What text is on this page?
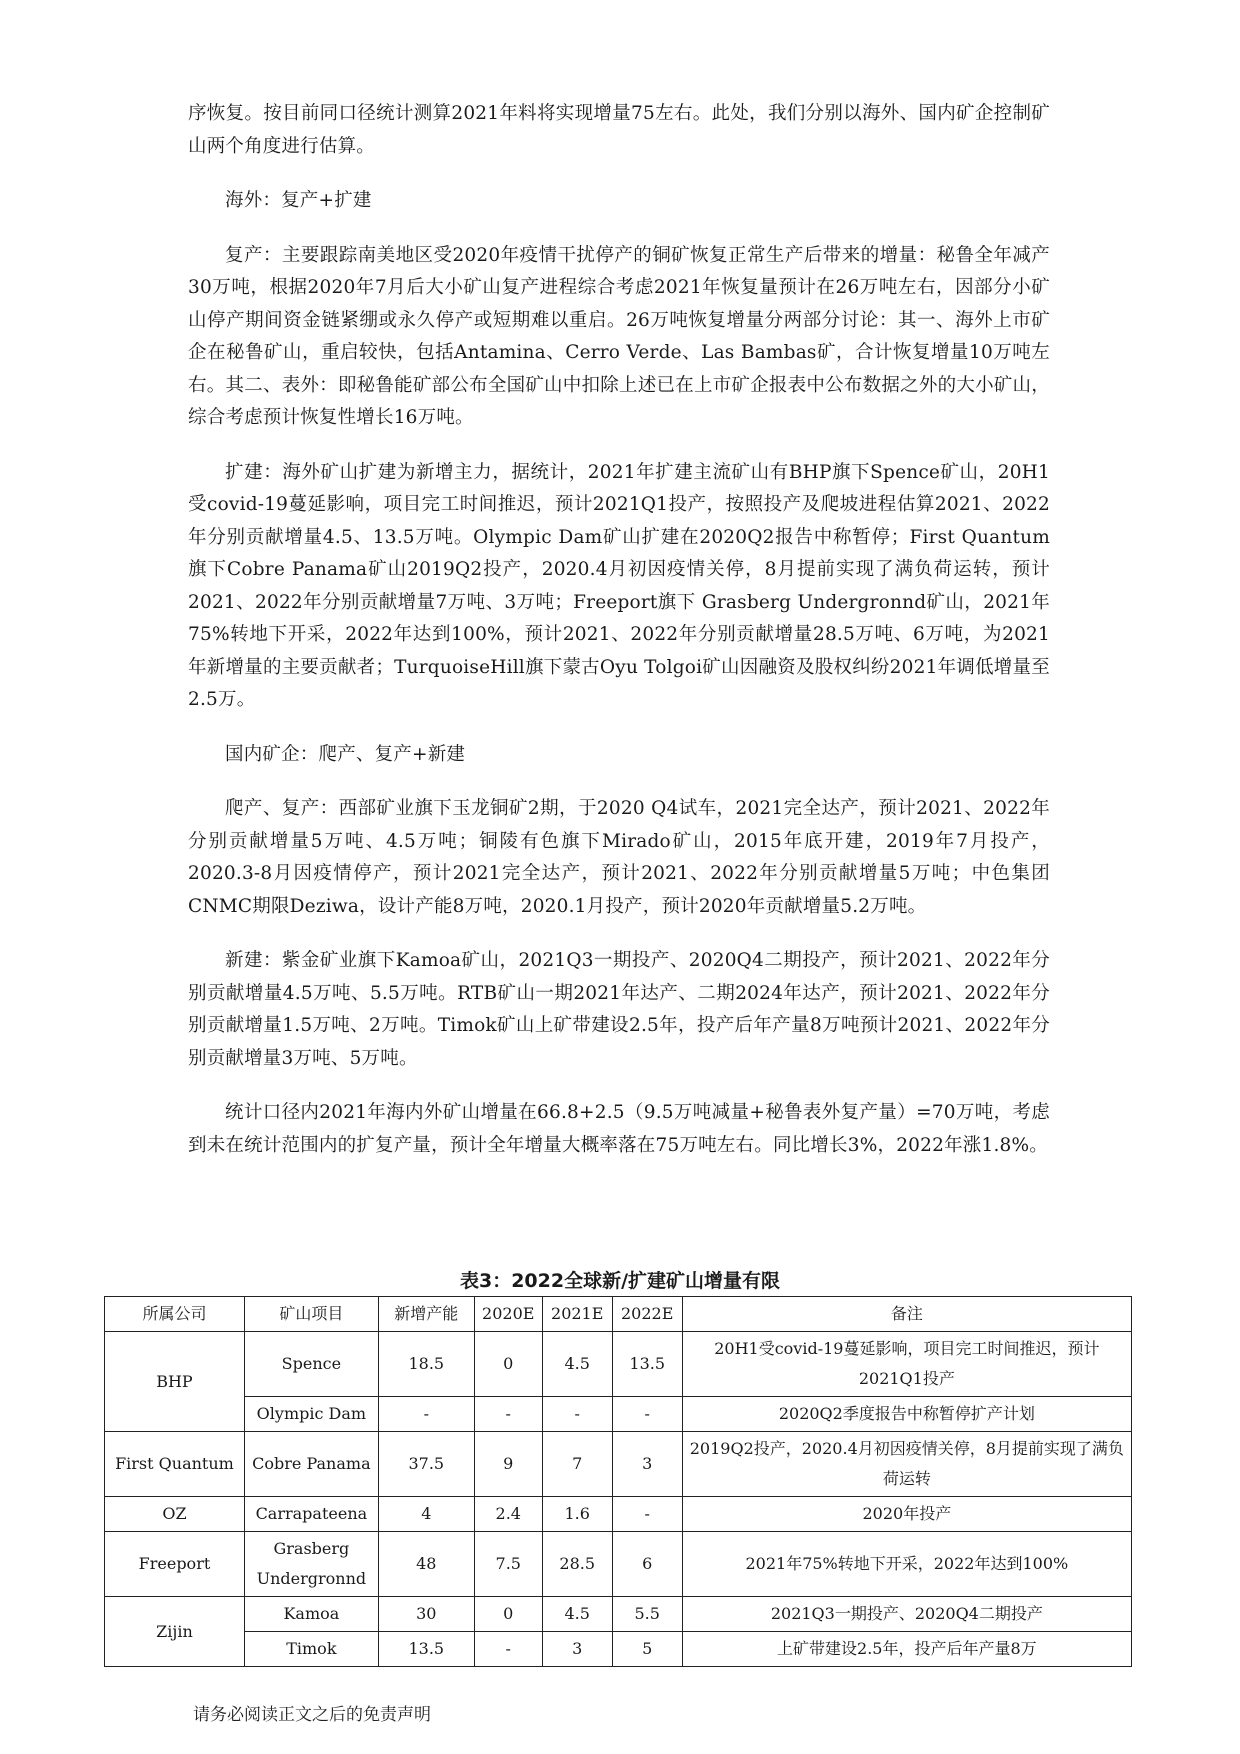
序恢复。按目前同口径统计测算2021年料将实现增量75左右。此处，我们分别以海外、国内矿企控制矿山两个角度进行估算。

海外：复产+扩建

复产：主要跟踪南美地区受2020年疫情干扰停产的铜矿恢复正常生产后带来的增量：秘鲁全年减产30万吨，根据2020年7月后大小矿山复产进程综合考虑2021年恢复量预计在26万吨左右，因部分小矿山停产期间资金链紧绷或永久停产或短期难以重启。26万吨恢复增量分两部分讨论：其一、海外上市矿企在秘鲁矿山，重启较快，包括Antamina、Cerro Verde、Las Bambas矿，合计恢复增量10万吨左右。其二、表外：即秘鲁能矿部公布全国矿山中扣除上述已在上市矿企报表中公布数据之外的大小矿山，综合考虑预计恢复性增长16万吨。

扩建：海外矿山扩建为新增主力，据统计，2021年扩建主流矿山有BHP旗下Spence矿山，20H1受covid-19蔓延影响，项目完工时间推迟，预计2021Q1投产，按照投产及爬坡进程估算2021、2022年分别贡献增量4.5、13.5万吨。Olympic Dam矿山扩建在2020Q2报告中称暂停；First Quantum旗下Cobre Panama矿山2019Q2投产，2020.4月初因疫情关停，8月提前实现了满负荷运转，预计2021、2022年分别贡献增量7万吨、3万吨；Freeport旗下 Grasberg Undergronnd矿山，2021年75%转地下开采，2022年达到100%，预计2021、2022年分别贡献增量28.5万吨、6万吨，为2021年新增量的主要贡献者；TurquoiseHill旗下蒙古Oyu Tolgoi矿山因融资及股权纠纷2021年调低增量至2.5万。

国内矿企：爬产、复产+新建

爬产、复产：西部矿业旗下玉龙铜矿2期，于2020 Q4试车，2021完全达产，预计2021、2022年分别贡献增量5万吨、4.5万吨；铜陵有色旗下Mirado矿山，2015年底开建，2019年7月投产，2020.3-8月因疫情停产，预计2021完全达产，预计2021、2022年分别贡献增量5万吨；中色集团CNMC期限Deziwa，设计产能8万吨，2020.1月投产，预计2020年贡献增量5.2万吨。

新建：紫金矿业旗下Kamoa矿山，2021Q3一期投产、2020Q4二期投产，预计2021、2022年分别贡献增量4.5万吨、5.5万吨。RTB矿山一期2021年达产、二期2024年达产，预计2021、2022年分别贡献增量1.5万吨、2万吨。Timok矿山上矿带建设2.5年，投产后年产量8万吨预计2021、2022年分别贡献增量3万吨、5万吨。

统计口径内2021年海内外矿山增量在66.8+2.5（9.5万吨减量+秘鲁表外复产量）=70万吨，考虑到未在统计范围内的扩复产量，预计全年增量大概率落在75万吨左右。同比增长3%，2022年涨1.8%。

表3：2022全球新/扩建矿山增量有限
所属公司	矿山项目	新增产能	2020E	2021E	2022E	备注
BHP	Spence	18.5	0	4.5	13.5	20H1受covid-19蔓延影响，项目完工时间推迟，预计2021Q1投产
	Olympic Dam	-	-	-	-	2020Q2季度报告中称暂停扩产计划
First Quantum	Cobre Panama	37.5	9	7	3	2019Q2投产，2020.4月初因疫情关停，8月提前实现了满负荷运转
OZ	Carrapateena	4	2.4	1.6	-	2020年投产
Freeport	Grasberg Undergronnd	48	7.5	28.5	6	2021年75%转地下开采，2022年达到100%
Zijin	Kamoa	30	0	4.5	5.5	2021Q3一期投产、2020Q4二期投产
	Timok	13.5	-	3	5	上矿带建设2.5年，投产后年产量8万
请务必阅读正文之后的免责声明
